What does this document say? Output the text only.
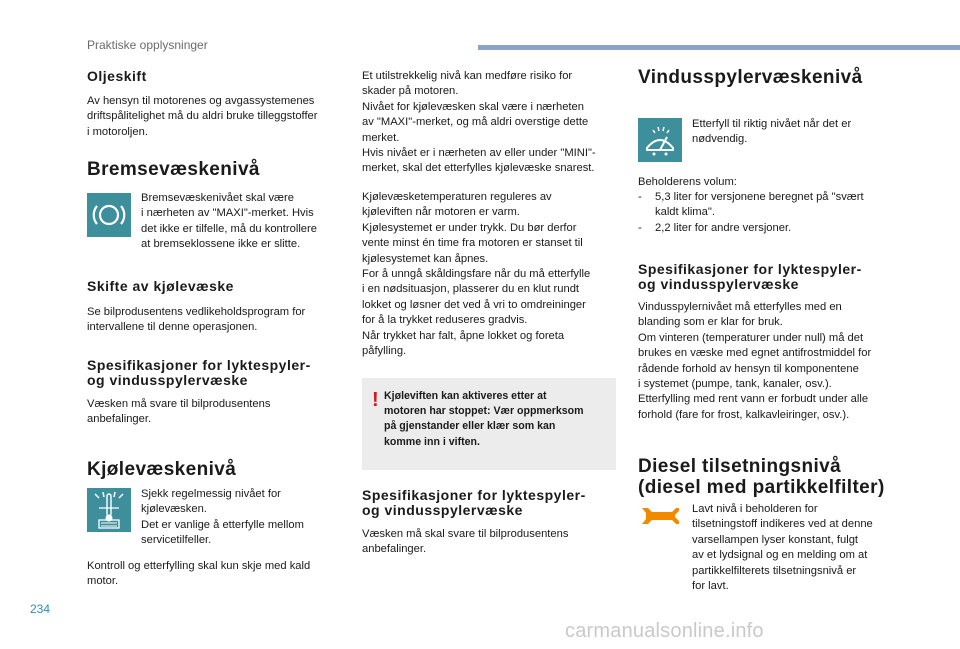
Praktiske opplysninger
Oljeskift

Av hensyn til motorenes og avgassystemenes
driftspålitelighet må du aldri bruke tilleggstoffer
i motoroljen.

Bremsevæskenivå

Bremsevæskenivået skal være
i nærheten av "MAXI"-merket. Hvis
det ikke er tilfelle, må du kontrollere
at bremseklossene ikke er slitte.

Skifte av kjølevæske

Se bilprodusentens vedlikeholdsprogram for
intervallene til denne operasjonen.

Spesifikasjoner for lyktespyler-
og vindusspylervæske

Væsken må svare til bilprodusentens
anbefalinger.

Kjølevæskenivå

Sjekk regelmessig nivået for
kjølevæsken.
Det er vanlige å etterfylle mellom
servicetilfeller.

Kontroll og etterfylling skal kun skje med kald
motor.

Et utilstrekkelig nivå kan medføre risiko for
skader på motoren.
Nivået for kjølevæsken skal være i nærheten
av "MAXI"-merket, og må aldri overstige dette
merket.
Hvis nivået er i nærheten av eller under "MINI"-
merket, skal det etterfylles kjølevæske snarest.

Kjølevæsketemperaturen reguleres av
kjøleviften når motoren er varm.
Kjølesystemet er under trykk. Du bør derfor
vente minst én time fra motoren er stanset til
kjølesystemet kan åpnes.
For å unngå skåldingsfare når du må etterfylle
i en nødsituasjon, plasserer du en klut rundt
lokket og løsner det ved å vri to omdreininger
for å la trykket reduseres gradvis.
Når trykket har falt, åpne lokket og foreta
påfylling.

! Kjøleviften kan aktiveres etter at
motoren har stoppet: Vær oppmerksom
på gjenstander eller klær som kan
komme inn i viften.

Spesifikasjoner for lyktespyler-
og vindusspylervæske

Væsken må skal svare til bilprodusentens
anbefalinger.

Vindusspylervæskenivå

Etterfyll til riktig nivået når det er
nødvendig.

Beholderens volum:

- 5,3 liter for versjonene beregnet på "svært
kaldt klima".

- 2,2 liter for andre versjoner.

Spesifikasjoner for lyktespyler-
og vindusspylervæske

Vindusspylernivået må etterfylles med en
blanding som er klar for bruk.
Om vinteren (temperaturer under null) må det
brukes en væske med egnet antifrostmiddel for
rådende forhold av hensyn til komponentene
i systemet (pumpe, tank, kanaler, osv.).
Etterfylling med rent vann er forbudt under alle
forhold (fare for frost, kalkavleiringer, osv.).

Diesel tilsetningsnivå
(diesel med partikkelfilter)

Lavt nivå i beholderen for
tilsetningstoff indikeres ved at denne
varsellampen lyser konstant, fulgt
av et lydsignal og en melding om at
partikkelfilterets tilsetningsnivå er
for lavt.

234
carmanualsonline.info
